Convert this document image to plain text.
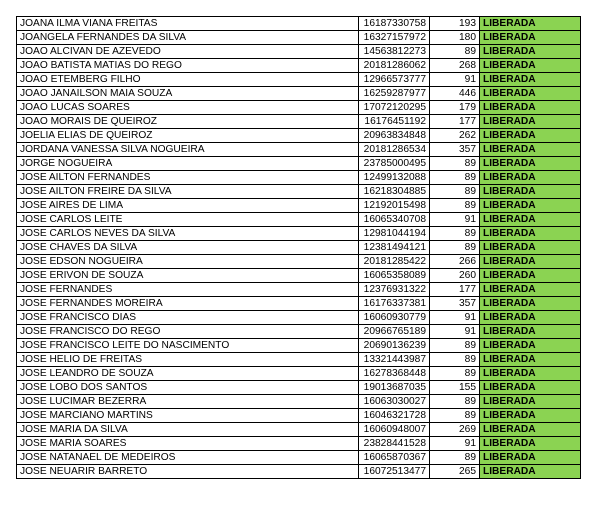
JOANA ILMA VIANA FREITAS	16187330758	193	LIBERADA
JOANGELA FERNANDES DA SILVA	16327157972	180	LIBERADA
JOAO ALCIVAN DE AZEVEDO	14563812273	89	LIBERADA
JOAO BATISTA MATIAS DO REGO	20181286062	268	LIBERADA
JOAO ETEMBERG FILHO	12966573777	91	LIBERADA
JOAO JANAILSON MAIA SOUZA	16259287977	446	LIBERADA
JOAO LUCAS SOARES	17072120295	179	LIBERADA
JOAO MORAIS DE QUEIROZ	16176451192	177	LIBERADA
JOELIA ELIAS DE QUEIROZ	20963834848	262	LIBERADA
JORDANA VANESSA SILVA NOGUEIRA	20181286534	357	LIBERADA
JORGE NOGUEIRA	23785000495	89	LIBERADA
JOSE AILTON FERNANDES	12499132088	89	LIBERADA
JOSE AILTON FREIRE DA SILVA	16218304885	89	LIBERADA
JOSE AIRES DE LIMA	12192015498	89	LIBERADA
JOSE CARLOS LEITE	16065340708	91	LIBERADA
JOSE CARLOS NEVES DA SILVA	12981044194	89	LIBERADA
JOSE CHAVES DA SILVA	12381494121	89	LIBERADA
JOSE EDSON NOGUEIRA	20181285422	266	LIBERADA
JOSE ERIVON DE SOUZA	16065358089	260	LIBERADA
JOSE FERNANDES	12376931322	177	LIBERADA
JOSE FERNANDES MOREIRA	16176337381	357	LIBERADA
JOSE FRANCISCO DIAS	16060930779	91	LIBERADA
JOSE FRANCISCO DO REGO	20966765189	91	LIBERADA
JOSE FRANCISCO LEITE DO NASCIMENTO	20690136239	89	LIBERADA
JOSE HELIO DE FREITAS	13321443987	89	LIBERADA
JOSE LEANDRO DE SOUZA	16278368448	89	LIBERADA
JOSE LOBO DOS SANTOS	19013687035	155	LIBERADA
JOSE LUCIMAR BEZERRA	16063030027	89	LIBERADA
JOSE MARCIANO MARTINS	16046321728	89	LIBERADA
JOSE MARIA DA SILVA	16060948007	269	LIBERADA
JOSE MARIA SOARES	23828441528	91	LIBERADA
JOSE NATANAEL DE MEDEIROS	16065870367	89	LIBERADA
JOSE NEUARIR BARRETO	16072513477	265	LIBERADA
